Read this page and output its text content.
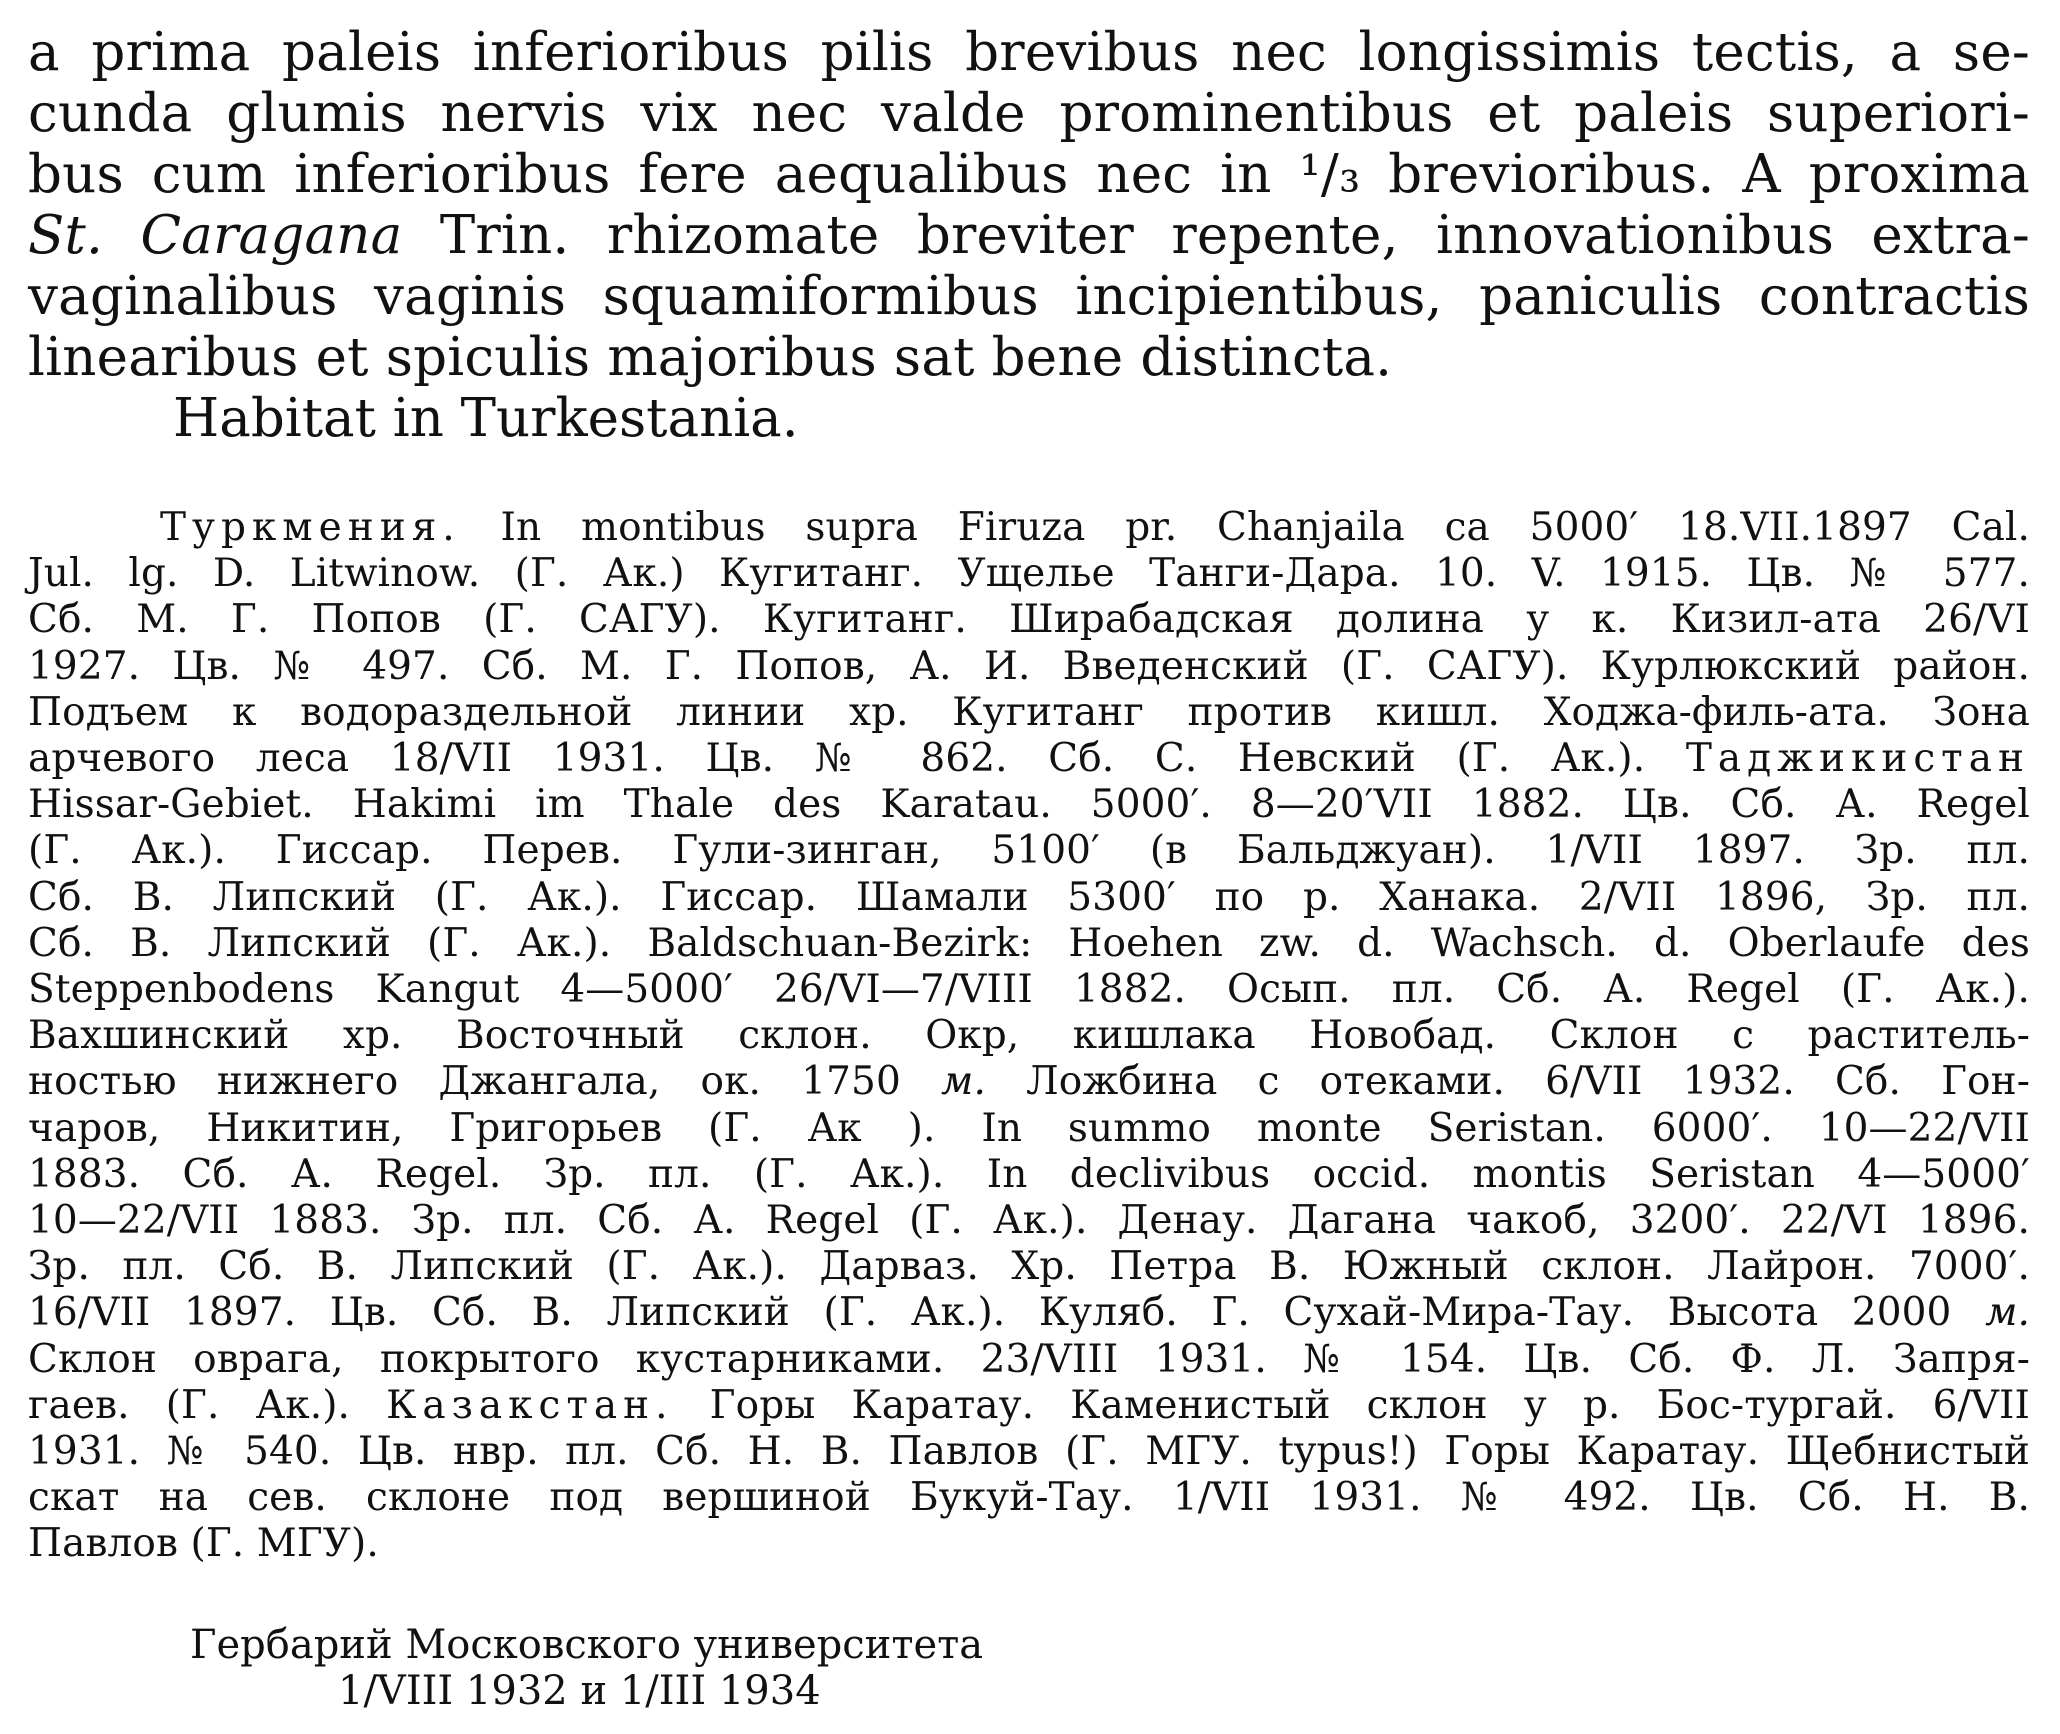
a prima paleis inferioribus pilis brevibus nec longissimis tectis, a se-
cunda glumis nervis vix nec valde prominentibus et paleis superiori-
bus cum inferioribus fere aequalibus nec in ¹/₃ brevioribus. A proxima
St. Caragana Trin. rhizomate breviter repente, innovationibus extra-
vaginalibus vaginis squamiformibus incipientibus, paniculis contractis
linearibus et spiculis majoribus sat bene distincta.
Habitat in Turkestania.
Туркмения. In montibus supra Firuza pr. Chanjaila ca 5000′ 18.VII.1897 Cal.
Jul. lg. D. Litwinow. (Г. Ак.) Кугитанг. Ущелье Танги-Дара. 10. V. 1915. Цв. № 577.
Сб. М. Г. Попов (Г. САГУ). Кугитанг. Ширабадская долина у к. Кизил-ата 26/VI
1927. Цв. № 497. Сб. М. Г. Попов, А. И. Введенский (Г. САГУ). Курлюкский район.
Подъем к водораздельной линии хр. Кугитанг против кишл. Ходжа-филь-ата. Зона
арчевого леса 18/VII 1931. Цв. № 862. Сб. С. Невский (Г. Ак.). Таджикистан
Hissar-Gebiet. Hakimi im Thale des Karatau. 5000′. 8—20′VII 1882. Цв. Сб. А. Regel
(Г. Ак.). Гиссар. Перев. Гули-зинган, 5100′ (в Бальджуан). 1/VII 1897. Зр. пл.
Сб. В. Липский (Г. Ак.). Гиссар. Шамали 5300′ по р. Ханака. 2/VII 1896, Зр. пл.
Сб. В. Липский (Г. Ак.). Baldschuan-Bezirk: Hoehen zw. d. Wachsch. d. Oberlaufe des
Steppenbodens Kangut 4—5000′ 26/VI—7/VIII 1882. Осып. пл. Сб. А. Regel (Г. Ак.).
Вахшинский хр. Восточный склон. Окр, кишлака Новобад. Склон с раститель-
ностью нижнего Джангала, ок. 1750 м. Ложбина с отеками. 6/VII 1932. Сб. Гон-
чаров, Никитин, Григорьев (Г. Ак ). In summo monte Seristan. 6000′. 10—22/VII
1883. Сб. А. Regel. Зр. пл. (Г. Ак.). In declivibus occid. montis Seristan 4—5000′
10—22/VII 1883. Зр. пл. Сб. А. Regel (Г. Ак.). Денау. Дагана чакоб, 3200′. 22/VI 1896.
Зр. пл. Сб. В. Липский (Г. Ак.). Дарваз. Хр. Петра В. Южный склон. Лайрон. 7000′.
16/VII 1897. Цв. Сб. В. Липский (Г. Ак.). Куляб. Г. Сухай-Мира-Тау. Высота 2000 м.
Склон оврага, покрытого кустарниками. 23/VIII 1931. № 154. Цв. Сб. Ф. Л. Запря-
гаев. (Г. Ак.). Казакстан. Горы Каратау. Каменистый склон у р. Бос-тургай. 6/VII
1931. № 540. Цв. нвр. пл. Сб. Н. В. Павлов (Г. МГУ. typus!) Горы Каратау. Щебнистый
скат на сев. склоне под вершиной Букуй-Тау. 1/VII 1931. № 492. Цв. Сб. Н. В.
Павлов (Г. МГУ).
Гербарий Московского университета
1/VIII 1932 и 1/III 1934
